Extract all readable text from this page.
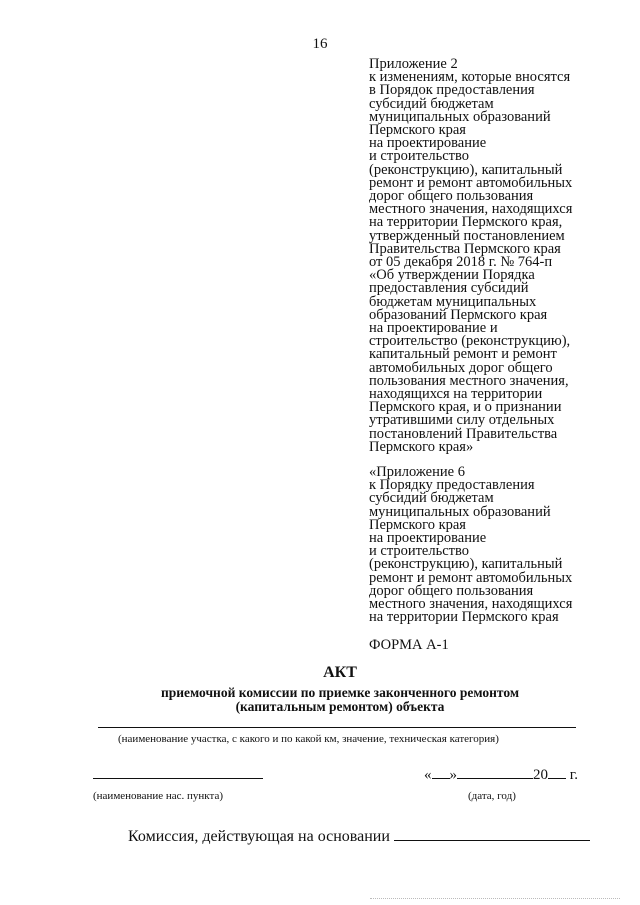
16
Приложение 2
к изменениям, которые вносятся
в Порядок предоставления
субсидий бюджетам
муниципальных образований
Пермского края
на проектирование
и строительство
(реконструкцию), капитальный
ремонт и ремонт автомобильных
дорог общего пользования
местного значения, находящихся
на территории Пермского края,
утвержденный постановлением
Правительства Пермского края
от 05 декабря 2018 г. № 764-п
«Об утверждении Порядка
предоставления субсидий
бюджетам муниципальных
образований Пермского края
на проектирование и
строительство (реконструкцию),
капитальный ремонт и ремонт
автомобильных дорог общего
пользования местного значения,
находящихся на территории
Пермского края, и о признании
утратившими силу отдельных
постановлений Правительства
Пермского края»
«Приложение 6
к Порядку предоставления
субсидий бюджетам
муниципальных образований
Пермского края
на проектирование
и строительство
(реконструкцию), капитальный
ремонт и ремонт автомобильных
дорог общего пользования
местного значения, находящихся
на территории Пермского края
ФОРМА А-1
АКТ
приемочной комиссии по приемке законченного ремонтом
(капитальным ремонтом) объекта
(наименование участка, с какого и по какой км, значение, техническая категория)
(наименование нас. пункта)
« »	20 г.
(дата, год)
Комиссия, действующая на основании
